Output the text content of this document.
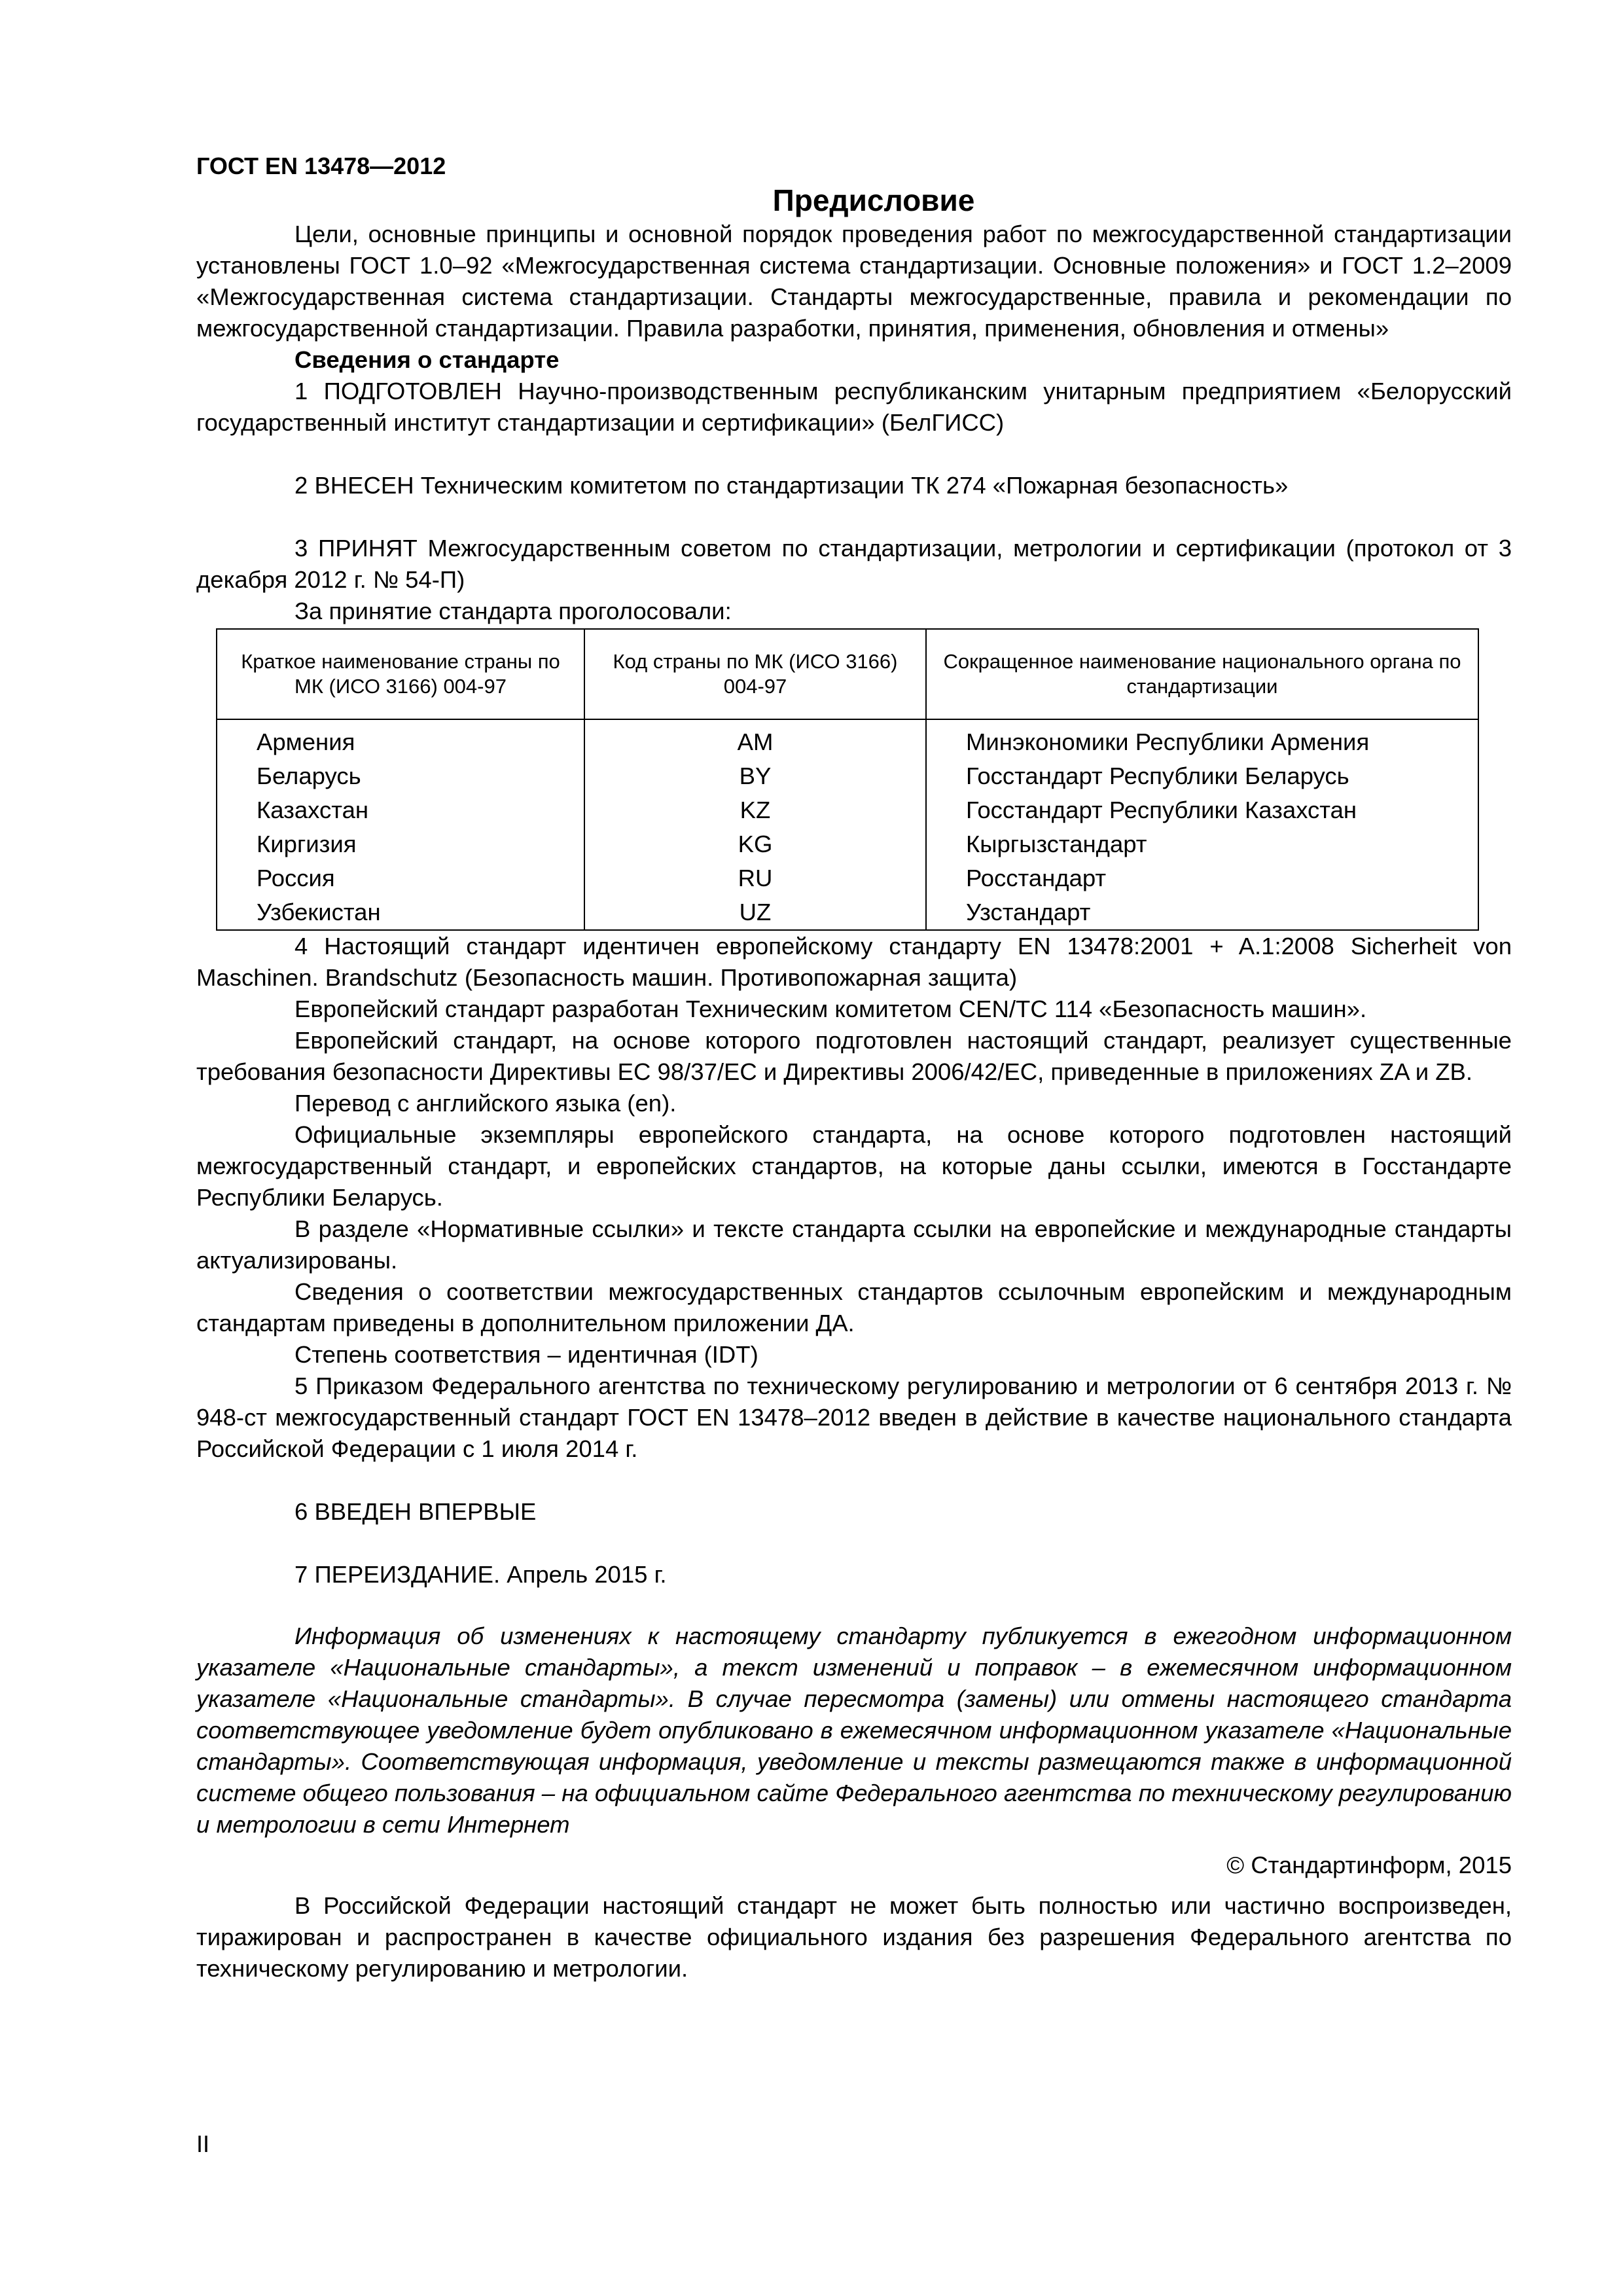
ГОСТ EN 13478—2012

Предисловие

Цели, основные принципы и основной порядок проведения работ по межгосударственной стандартизации установлены ГОСТ 1.0–92 «Межгосударственная система стандартизации. Основные положения» и ГОСТ 1.2–2009 «Межгосударственная система стандартизации. Стандарты межгосударственные, правила и рекомендации по межгосударственной стандартизации. Правила разработки, принятия, применения, обновления и отмены»

Сведения о стандарте

1 ПОДГОТОВЛЕН Научно-производственным республиканским унитарным предприятием «Белорусский государственный институт стандартизации и сертификации» (БелГИСС)

2 ВНЕСЕН Техническим комитетом по стандартизации ТК 274 «Пожарная безопасность»

3 ПРИНЯТ Межгосударственным советом по стандартизации, метрологии и сертификации (протокол от 3 декабря 2012 г. № 54-П)

За принятие стандарта проголосовали:

Краткое наименование страны по МК (ИСО 3166) 004-97	Код страны по МК (ИСО 3166) 004-97	Сокращенное наименование национального органа по стандартизации
Армения	AM	Минэкономики Республики Армения
Беларусь	BY	Госстандарт Республики Беларусь
Казахстан	KZ	Госстандарт Республики Казахстан
Киргизия	KG	Кыргызстандарт
Россия	RU	Росстандарт
Узбекистан	UZ	Узстандарт

4 Настоящий стандарт идентичен европейскому стандарту EN 13478:2001 + A.1:2008 Sicherheit von Maschinen. Brandschutz (Безопасность машин. Противопожарная защита)

Европейский стандарт разработан Техническим комитетом CEN/TC 114 «Безопасность машин».

Европейский стандарт, на основе которого подготовлен настоящий стандарт, реализует существенные требования безопасности Директивы ЕС 98/37/ЕС и Директивы 2006/42/ЕС, приведенные в приложениях ZA и ZB.

Перевод с английского языка (en).

Официальные экземпляры европейского стандарта, на основе которого подготовлен настоящий межгосударственный стандарт, и европейских стандартов, на которые даны ссылки, имеются в Госстандарте Республики Беларусь.

В разделе «Нормативные ссылки» и тексте стандарта ссылки на европейские и международные стандарты актуализированы.

Сведения о соответствии межгосударственных стандартов ссылочным европейским и международным стандартам приведены в дополнительном приложении ДА.

Степень соответствия – идентичная (IDT)

5 Приказом Федерального агентства по техническому регулированию и метрологии от 6 сентября 2013 г. № 948-ст межгосударственный стандарт ГОСТ EN 13478–2012 введен в действие в качестве национального стандарта Российской Федерации с 1 июля 2014 г.

6 ВВЕДЕН ВПЕРВЫЕ

7 ПЕРЕИЗДАНИЕ. Апрель 2015 г.

Информация об изменениях к настоящему стандарту публикуется в ежегодном информационном указателе «Национальные стандарты», а текст изменений и поправок – в ежемесячном информационном указателе «Национальные стандарты». В случае пересмотра (замены) или отмены настоящего стандарта соответствующее уведомление будет опубликовано в ежемесячном информационном указателе «Национальные стандарты». Соответствующая информация, уведомление и тексты размещаются также в информационной системе общего пользования – на официальном сайте Федерального агентства по техническому регулированию и метрологии в сети Интернет

© Стандартинформ, 2015

В Российской Федерации настоящий стандарт не может быть полностью или частично воспроизведен, тиражирован и распространен в качестве официального издания без разрешения Федерального агентства по техническому регулированию и метрологии.

II
